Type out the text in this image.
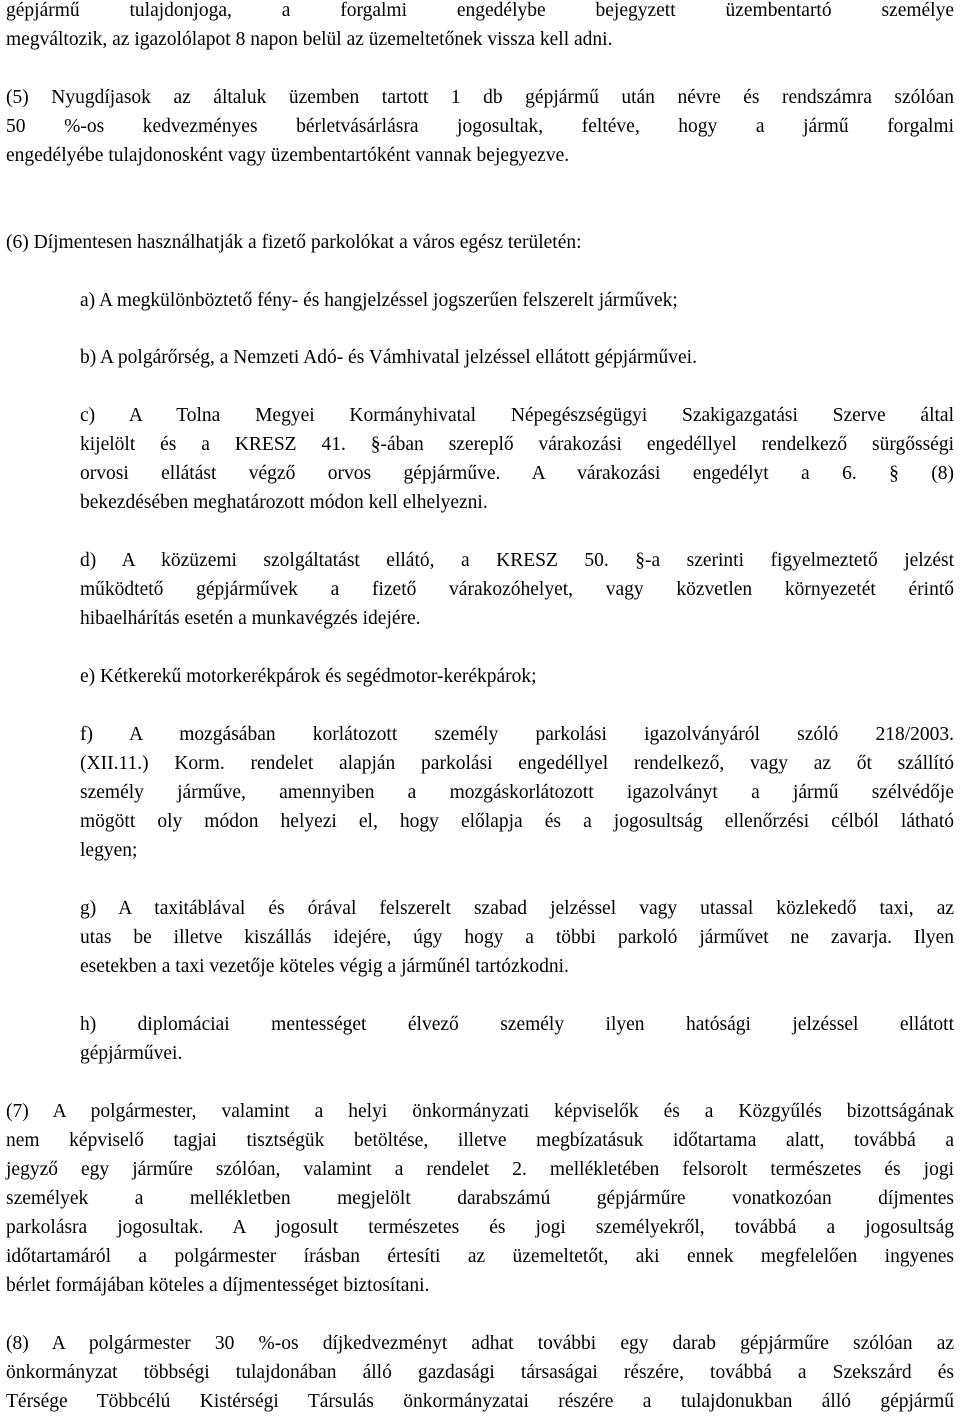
gépjármű tulajdonjoga, a forgalmi engedélybe bejegyzett üzembentartó személye
megváltozik, az igazolólapot 8 napon belül az üzemeltetőnek vissza kell adni.
(5) Nyugdíjasok az általuk üzemben tartott 1 db gépjármű után névre és rendszámra szólóan
50 %-os kedvezményes bérletvásárlásra jogosultak, feltéve, hogy a jármű forgalmi
engedélyébe tulajdonosként vagy üzembentartóként vannak bejegyezve.
(6) Díjmentesen használhatják a fizető parkolókat a város egész területén:
a) A megkülönböztető fény- és hangjelzéssel jogszerűen felszerelt járművek;
b) A polgárőrség, a Nemzeti Adó- és Vámhivatal jelzéssel ellátott gépjárművei.
c) A Tolna Megyei Kormányhivatal Népegészségügyi Szakigazgatási Szerve által
kijelölt és a KRESZ 41. §-ában szereplő várakozási engedéllyel rendelkező sürgősségi
orvosi ellátást végző orvos gépjárműve. A várakozási engedélyt a 6. § (8)
bekezdésében meghatározott módon kell elhelyezni.
d) A közüzemi szolgáltatást ellátó, a KRESZ 50. §-a szerinti figyelmeztető jelzést
működtető gépjárművek a fizető várakozóhelyet, vagy közvetlen környezetét érintő
hibaelhárítás esetén a munkavégzés idejére.
e) Kétkerekű motorkerékpárok és segédmotor-kerékpárok;
f) A mozgásában korlátozott személy parkolási igazolványáról szóló 218/2003.
(XII.11.) Korm. rendelet alapján parkolási engedéllyel rendelkező, vagy az őt szállító
személy járműve, amennyiben a mozgáskorlátozott igazolványt a jármű szélvédője
mögött oly módon helyezi el, hogy előlapja és a jogosultság ellenőrzési célból látható
legyen;
g) A taxitáblával és órával felszerelt szabad jelzéssel vagy utassal közlekedő taxi, az
utas be illetve kiszállás idejére, úgy hogy a többi parkoló járművet ne zavarja. Ilyen
esetekben a taxi vezetője köteles végig a járműnél tartózkodni.
h) diplomáciai mentességet élvező személy ilyen hatósági jelzéssel ellátott
gépjárművei.
(7) A polgármester, valamint a helyi önkormányzati képviselők és a Közgyűlés bizottságának
nem képviselő tagjai tisztségük betöltése, illetve megbízatásuk időtartama alatt, továbbá a
jegyző egy járműre szólóan, valamint a rendelet 2. mellékletében felsorolt természetes és jogi
személyek a mellékletben megjelölt darabszámú gépjárműre vonatkozóan díjmentes
parkolásra jogosultak. A jogosult természetes és jogi személyekről, továbbá a jogosultság
időtartamáról a polgármester írásban értesíti az üzemeltetőt, aki ennek megfelelően ingyenes
bérlet formájában köteles a díjmentességet biztosítani.
(8) A polgármester 30 %-os díjkedvezményt adhat további egy darab gépjárműre szólóan az
önkormányzat többségi tulajdonában álló gazdasági társaságai részére, továbbá a Szekszárd és
Térsége Többcélú Kistérségi Társulás önkormányzatai részére a tulajdonukban álló gépjármű
